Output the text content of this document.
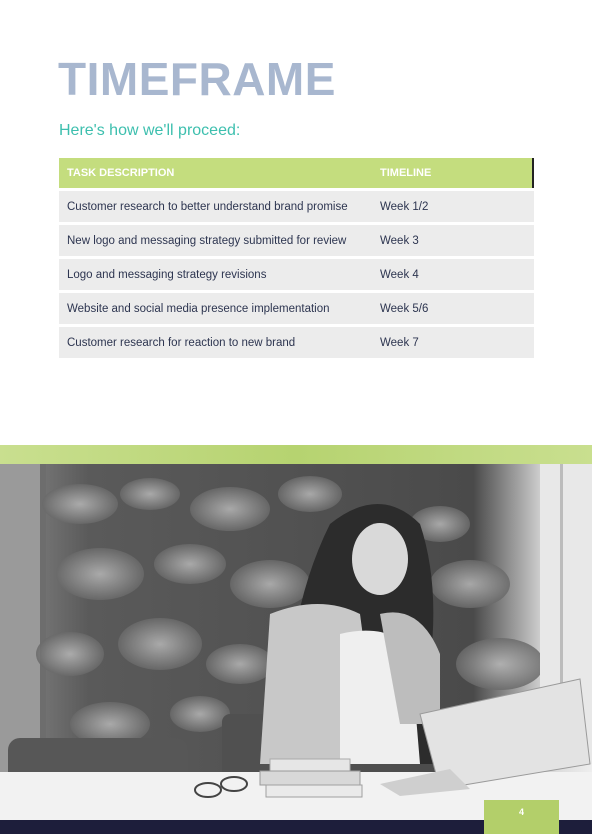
TIMEFRAME
Here's how we'll proceed:
TASK DESCRIPTION	TIMELINE
Customer research to better understand brand promise	Week 1/2
New logo and messaging strategy submitted for review	Week 3
Logo and messaging strategy revisions	Week 4
Website and social media presence implementation	Week 5/6
Customer research for reaction to new brand	Week 7
4
